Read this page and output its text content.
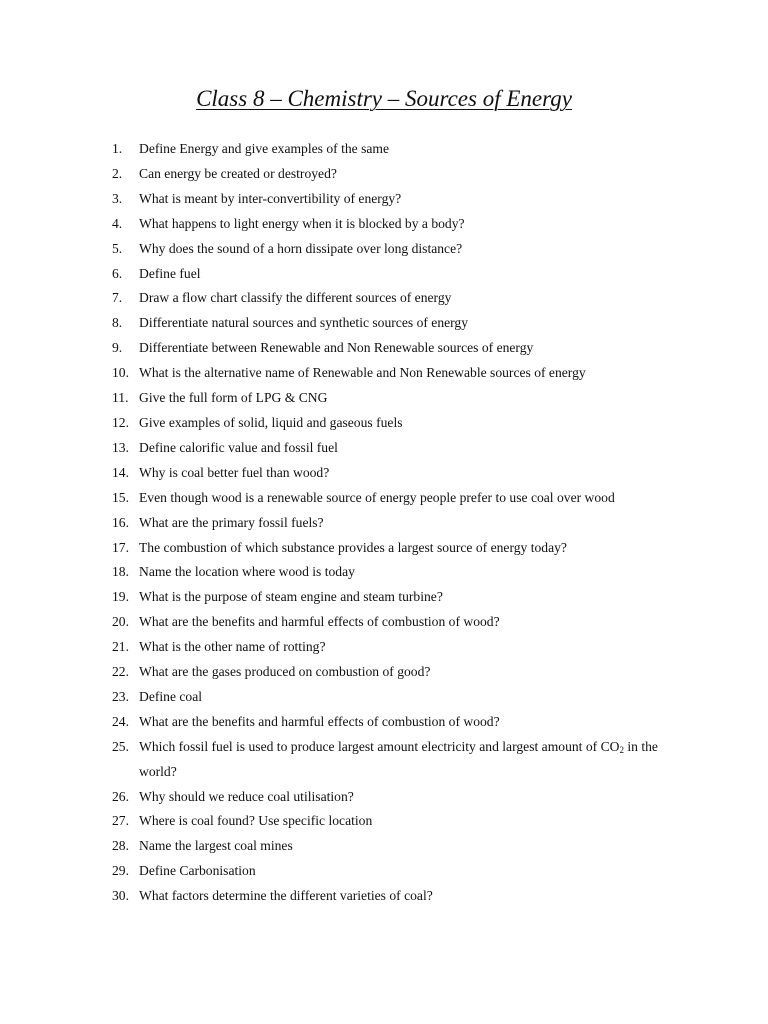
Class 8 – Chemistry – Sources of Energy
1.	Define Energy and give examples of the same
2.	Can energy be created or destroyed?
3.	What is meant by inter-convertibility of energy?
4.	What happens to light energy when it is blocked by a body?
5.	Why does the sound of a horn dissipate over long distance?
6.	Define fuel
7.	Draw a flow chart classify the different sources of energy
8.	Differentiate natural sources and synthetic sources of energy
9.	Differentiate between Renewable and Non Renewable sources of energy
10. What is the alternative name of Renewable and Non Renewable sources of energy
11. Give the full form of LPG & CNG
12. Give examples of solid, liquid and gaseous fuels
13. Define calorific value and fossil fuel
14. Why is coal better fuel than wood?
15. Even though wood is a renewable source of energy people prefer to use coal over wood
16. What are the primary fossil fuels?
17. The combustion of which substance provides a largest source of energy today?
18. Name the location where wood is today
19. What is the purpose of steam engine and steam turbine?
20. What are the benefits and harmful effects of combustion of wood?
21. What is the other name of rotting?
22. What are the gases produced on combustion of good?
23. Define coal
24. What are the benefits and harmful effects of combustion of wood?
25. Which fossil fuel is used to produce largest amount electricity and largest amount of $CO_2$ in the world?
26. Why should we reduce coal utilisation?
27. Where is coal found? Use specific location
28. Name the largest coal mines
29. Define Carbonisation
30. What factors determine the different varieties of coal?
